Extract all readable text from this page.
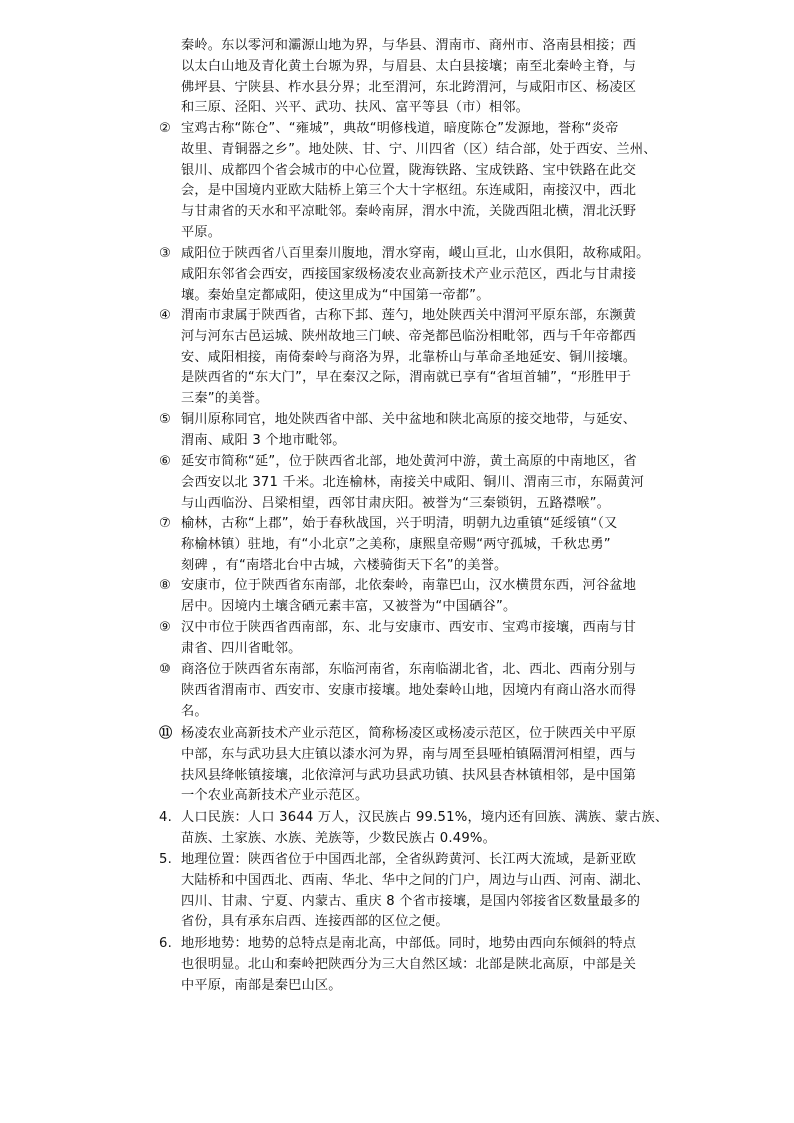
秦岭。东以零河和灞源山地为界，与华县、渭南市、商州市、洛南县相接；西
以太白山地及青化黄土台塬为界，与眉县、太白县接壤；南至北秦岭主脊，与
佛坪县、宁陕县、柞水县分界；北至渭河，东北跨渭河，与咸阳市区、杨凌区
和三原、泾阳、兴平、武功、扶风、富平等县（市）相邻。
② 宝鸡古称“陈仓”、“雍城”，典故“明修栈道，暗度陈仓”发源地，誉称“炎帝
故里、青铜器之乡”。地处陕、甘、宁、川四省（区）结合部，处于西安、兰州、
银川、成都四个省会城市的中心位置，陇海铁路、宝成铁路、宝中铁路在此交
会，是中国境内亚欧大陆桥上第三个大十字枢纽。东连咸阳，南接汉中，西北
与甘肃省的天水和平凉毗邻。秦岭南屏，渭水中流，关陇西阻北横，渭北沃野
平原。
③ 咸阳位于陕西省八百里秦川腹地，渭水穿南，嵕山亘北，山水俱阳，故称咸阳。
咸阳东邻省会西安，西接国家级杨凌农业高新技术产业示范区，西北与甘肃接
壤。秦始皇定都咸阳，使这里成为“中国第一帝都”。
④ 渭南市隶属于陕西省，古称下邽、莲勺，地处陕西关中渭河平原东部，东濒黄
河与河东古邑运城、陕州故地三门峡、帝尧都邑临汾相毗邻，西与千年帝都西
安、咸阳相接，南倚秦岭与商洛为界，北靠桥山与革命圣地延安、铜川接壤。
是陕西省的“东大门”，早在秦汉之际，渭南就已享有“省垣首辅”，“形胜甲于
三秦”的美誉。
⑤ 铜川原称同官，地处陕西省中部、关中盆地和陕北高原的接交地带，与延安、
渭南、咸阳 3 个地市毗邻。
⑥ 延安市简称“延”，位于陕西省北部，地处黄河中游，黄土高原的中南地区，省
会西安以北 371 千米。北连榆林，南接关中咸阳、铜川、渭南三市，东隔黄河
与山西临汾、吕梁相望，西邻甘肃庆阳。被誉为“三秦锁钥，五路襟喉”。
⑦ 榆林，古称“上郡”，始于春秋战国，兴于明清，明朝九边重镇“延绥镇“（又
称榆林镇）驻地，有“小北京”之美称，康熙皇帝赐“两守孤城，千秋忠勇”
刻碑 ，有“南塔北台中古城，六楼骑街天下名”的美誉。
⑧ 安康市，位于陕西省东南部，北依秦岭，南靠巴山，汉水横贯东西，河谷盆地
居中。因境内土壤含硒元素丰富，又被誉为“中国硒谷”。
⑨ 汉中市位于陕西省西南部，东、北与安康市、西安市、宝鸡市接壤，西南与甘
肃省、四川省毗邻。
⑩ 商洛位于陕西省东南部，东临河南省，东南临湖北省，北、西北、西南分别与
陕西省渭南市、西安市、安康市接壤。地处秦岭山地，因境内有商山洛水而得
名。
⑪ 杨凌农业高新技术产业示范区，简称杨凌区或杨凌示范区，位于陕西关中平原
中部，东与武功县大庄镇以漆水河为界，南与周至县哑柏镇隔渭河相望，西与
扶风县绛帐镇接壤，北依漳河与武功县武功镇、扶风县杏林镇相邻，是中国第
一个农业高新技术产业示范区。
4. 人口民族：人口 3644 万人，汉民族占 99.51%，境内还有回族、满族、蒙古族、
苗族、土家族、水族、羌族等，少数民族占 0.49%。
5. 地理位置：陕西省位于中国西北部，全省纵跨黄河、长江两大流域，是新亚欧
大陆桥和中国西北、西南、华北、华中之间的门户，周边与山西、河南、湖北、
四川、甘肃、宁夏、内蒙古、重庆 8 个省市接壤，是国内邻接省区数量最多的
省份，具有承东启西、连接西部的区位之便。
6. 地形地势：地势的总特点是南北高，中部低。同时，地势由西向东倾斜的特点
也很明显。北山和秦岭把陕西分为三大自然区域：北部是陕北高原，中部是关
中平原，南部是秦巴山区。
